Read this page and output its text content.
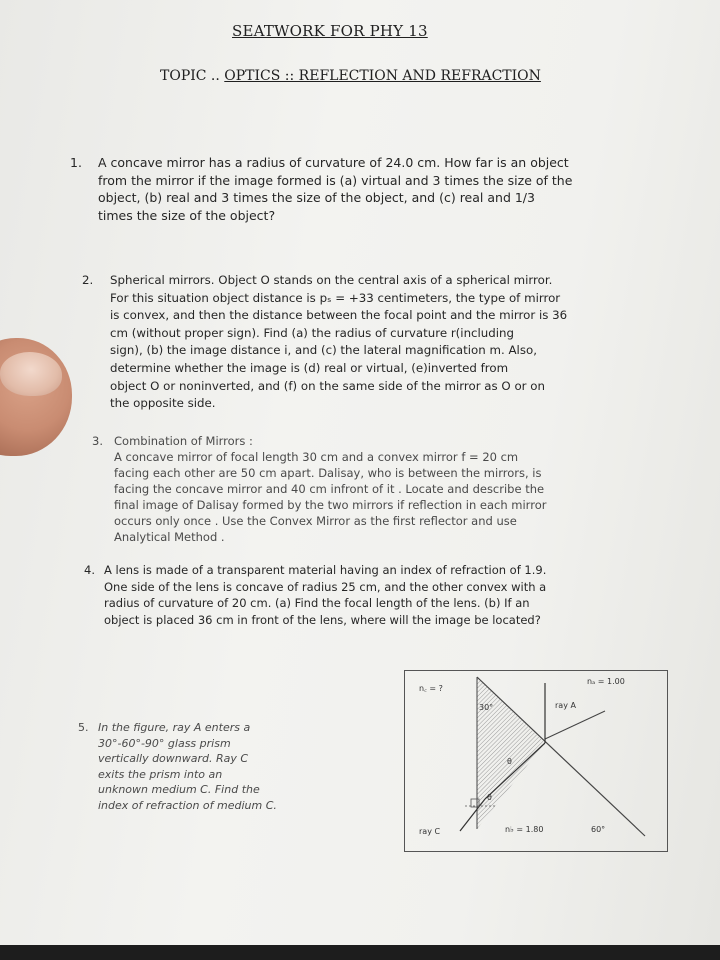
SEATWORK FOR PHY 13
TOPIC .. OPTICS :: REFLECTION AND REFRACTION
1. A concave mirror has a radius of curvature of 24.0 cm. How far is an object
from the mirror if the image formed is (a) virtual and 3 times the size of the
object, (b) real and 3 times the size of the object, and (c) real and 1/3
times the size of the object?
2. Spherical mirrors. Object O stands on the central axis of a spherical mirror.
For this situation object distance is pₛ = +33 centimeters, the type of mirror
is convex, and then the distance between the focal point and the mirror is 36
cm (without proper sign). Find (a) the radius of curvature r(including
sign), (b) the image distance i, and (c) the lateral magnification m. Also,
determine whether the image is (d) real or virtual, (e)inverted from
object O or noninverted, and (f) on the same side of the mirror as O or on
the opposite side.
3. Combination of Mirrors :
A concave mirror of focal length 30 cm and a convex mirror f = 20 cm
facing each other are 50 cm apart. Dalisay, who is between the mirrors, is
facing the concave mirror and 40 cm infront of it . Locate and describe the
final image of Dalisay formed by the two mirrors if reflection in each mirror
occurs only once . Use the Convex Mirror as the first reflector and use
Analytical Method .
4. A lens is made of a transparent material having an index of refraction of 1.9.
One side of the lens is concave of radius 25 cm, and the other convex with a
radius of curvature of 20 cm. (a) Find the focal length of the lens. (b) If an
object is placed 36 cm in front of the lens, where will the image be located?
5. In the figure, ray A enters a
30°-60°-90° glass prism
vertically downward. Ray C
exits the prism into an
unknown medium C. Find the
index of refraction of medium C.
n꜀ = ?
nₐ = 1.00
ray A
30°
θ
θ
ray C	n♭ = 1.80	60°
